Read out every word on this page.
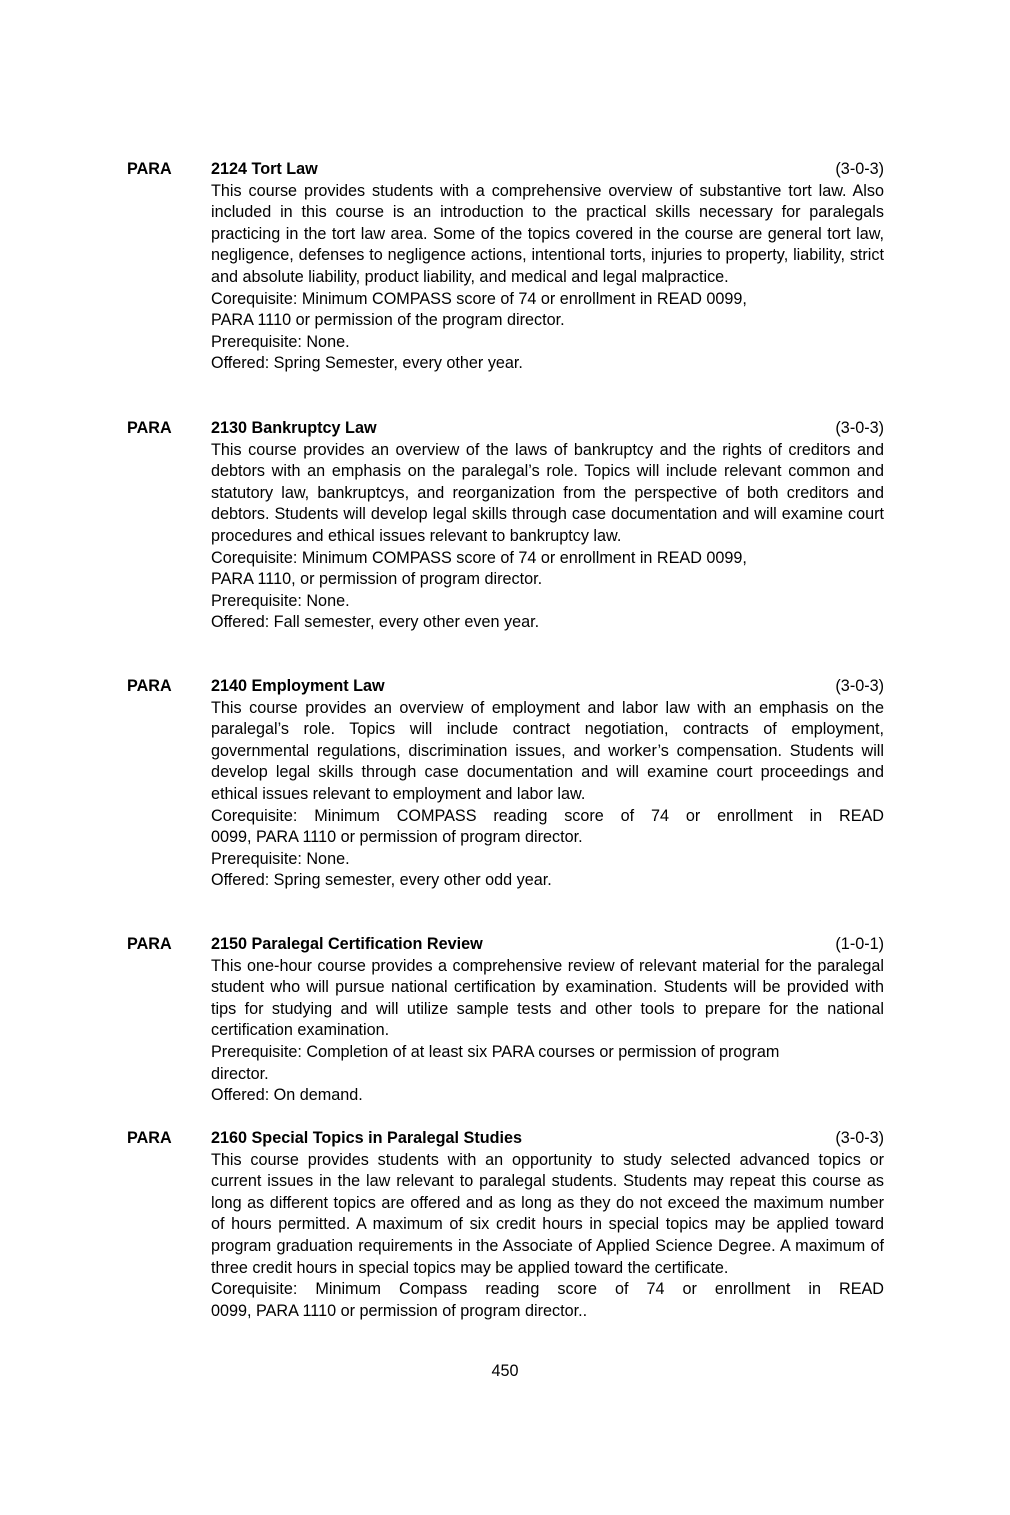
PARA 2124 Tort Law	(3-0-3)
This course provides students with a comprehensive overview of substantive tort law. Also included in this course is an introduction to the practical skills necessary for paralegals practicing in the tort law area. Some of the topics covered in the course are general tort law, negligence, defenses to negligence actions, intentional torts, injuries to property, liability, strict and absolute liability, product liability, and medical and legal malpractice.
Corequisite: Minimum COMPASS score of 74 or enrollment in READ 0099,
PARA 1110 or permission of the program director.
Prerequisite: None.
Offered: Spring Semester, every other year.
PARA 2130 Bankruptcy Law	(3-0-3)
This course provides an overview of the laws of bankruptcy and the rights of creditors and debtors with an emphasis on the paralegal’s role. Topics will include relevant common and statutory law, bankruptcys, and reorganization from the perspective of both creditors and debtors. Students will develop legal skills through case documentation and will examine court procedures and ethical issues relevant to bankruptcy law.
Corequisite: Minimum COMPASS score of 74 or enrollment in READ 0099,
PARA 1110, or permission of program director.
Prerequisite: None.
Offered: Fall semester, every other even year.
PARA 2140 Employment Law	(3-0-3)
This course provides an overview of employment and labor law with an emphasis on the paralegal’s role. Topics will include contract negotiation, contracts of employment, governmental regulations, discrimination issues, and worker’s compensation. Students will develop legal skills through case documentation and will examine court proceedings and ethical issues relevant to employment and labor law.
Corequisite: Minimum COMPASS reading score of 74 or enrollment in READ
0099, PARA 1110 or permission of program director.
Prerequisite: None.
Offered: Spring semester, every other odd year.
PARA 2150 Paralegal Certification Review	(1-0-1)
This one-hour course provides a comprehensive review of relevant material for the paralegal student who will pursue national certification by examination. Students will be provided with tips for studying and will utilize sample tests and other tools to prepare for the national certification examination.
Prerequisite: Completion of at least six PARA courses or permission of program
director.
Offered: On demand.
PARA 2160 Special Topics in Paralegal Studies	(3-0-3)
This course provides students with an opportunity to study selected advanced topics or current issues in the law relevant to paralegal students. Students may repeat this course as long as different topics are offered and as long as they do not exceed the maximum number of hours permitted. A maximum of six credit hours in special topics may be applied toward program graduation requirements in the Associate of Applied Science Degree. A maximum of three credit hours in special topics may be applied toward the certificate.
Corequisite: Minimum Compass reading score of 74 or enrollment in READ
0099, PARA 1110 or permission of program director..
450
